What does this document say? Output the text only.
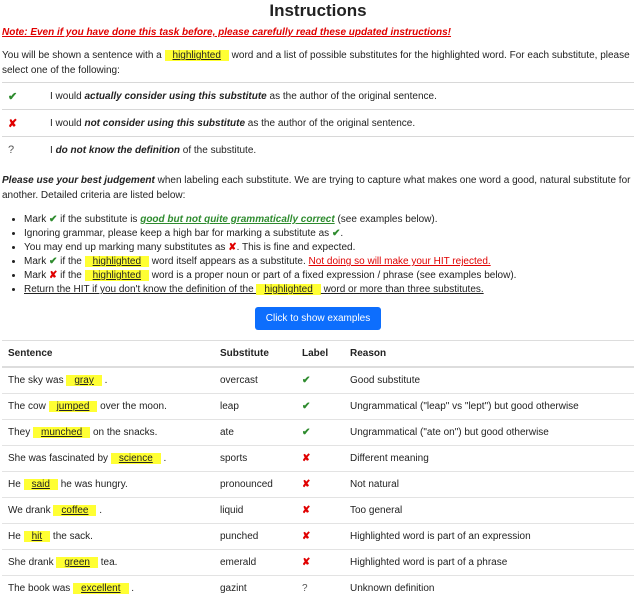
Instructions

Note: Even if you have done this task before, please carefully read these updated instructions!

You will be shown a sentence with a highlighted word and a list of possible substitutes for the highlighted word. For each substitute, please select one of the following:

✔	I would actually consider using this substitute as the author of the original sentence.
✘	I would not consider using this substitute as the author of the original sentence.
?	I do not know the definition of the substitute.

Please use your best judgement when labeling each substitute. We are trying to capture what makes one word a good, natural substitute for another. Detailed criteria are listed below:

• Mark ✔ if the substitute is good but not quite grammatically correct (see examples below).
• Ignoring grammar, please keep a high bar for marking a substitute as ✔.
• You may end up marking many substitutes as ✘. This is fine and expected.
• Mark ✔ if the highlighted word itself appears as a substitute. Not doing so will make your HIT rejected.
• Mark ✘ if the highlighted word is a proper noun or part of a fixed expression / phrase (see examples below).
• Return the HIT if you don't know the definition of the highlighted word or more than three substitutes.
Click to show examples
Sentence	Substitute	Label	Reason
The sky was gray .	overcast	✔	Good substitute
The cow jumped over the moon.	leap	✔	Ungrammatical ("leap" vs "lept") but good otherwise
They munched on the snacks.	ate	✔	Ungrammatical ("ate on") but good otherwise
She was fascinated by science .	sports	✘	Different meaning
He said he was hungry.	pronounced	✘	Not natural
We drank coffee .	liquid	✘	Too general
He hit the sack.	punched	✘	Highlighted word is part of an expression
She drank green tea.	emerald	✘	Highlighted word is part of a phrase
The book was excellent .	gazint	?	Unknown definition
